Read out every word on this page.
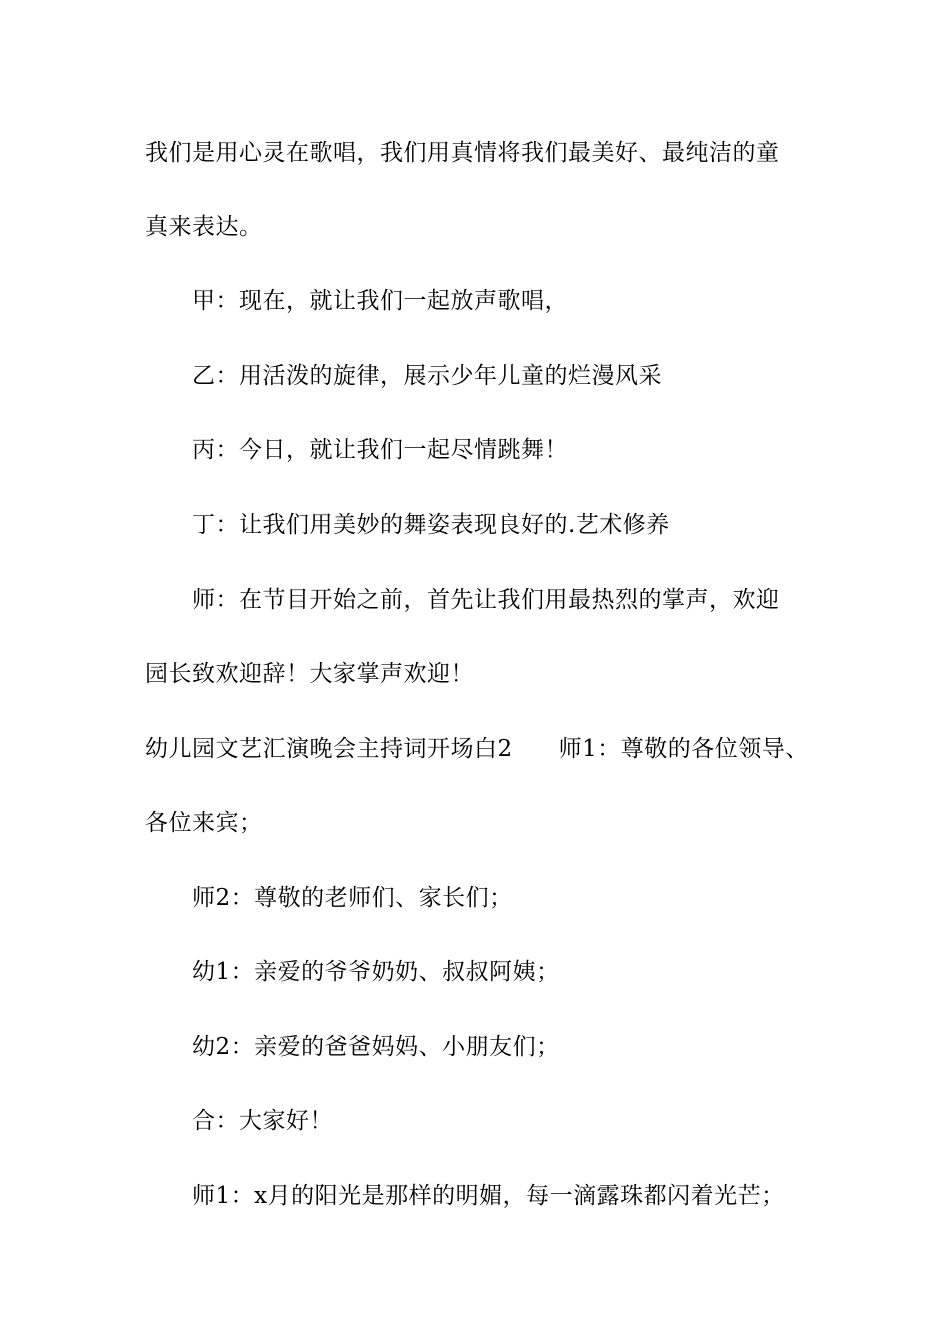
我们是用心灵在歌唱，我们用真情将我们最美好、最纯洁的童
真来表达。
甲：现在，就让我们一起放声歌唱，
乙：用活泼的旋律，展示少年儿童的烂漫风采
丙：今日，就让我们一起尽情跳舞！
丁：让我们用美妙的舞姿表现良好的.艺术修养
师：在节目开始之前，首先让我们用最热烈的掌声，欢迎
园长致欢迎辞！大家掌声欢迎！
幼儿园文艺汇演晚会主持词开场白2 师1：尊敬的各位领导、
各位来宾；
师2：尊敬的老师们、家长们；
幼1：亲爱的爷爷奶奶、叔叔阿姨；
幼2：亲爱的爸爸妈妈、小朋友们；
合：大家好！
师1：x月的阳光是那样的明媚，每一滴露珠都闪着光芒；
